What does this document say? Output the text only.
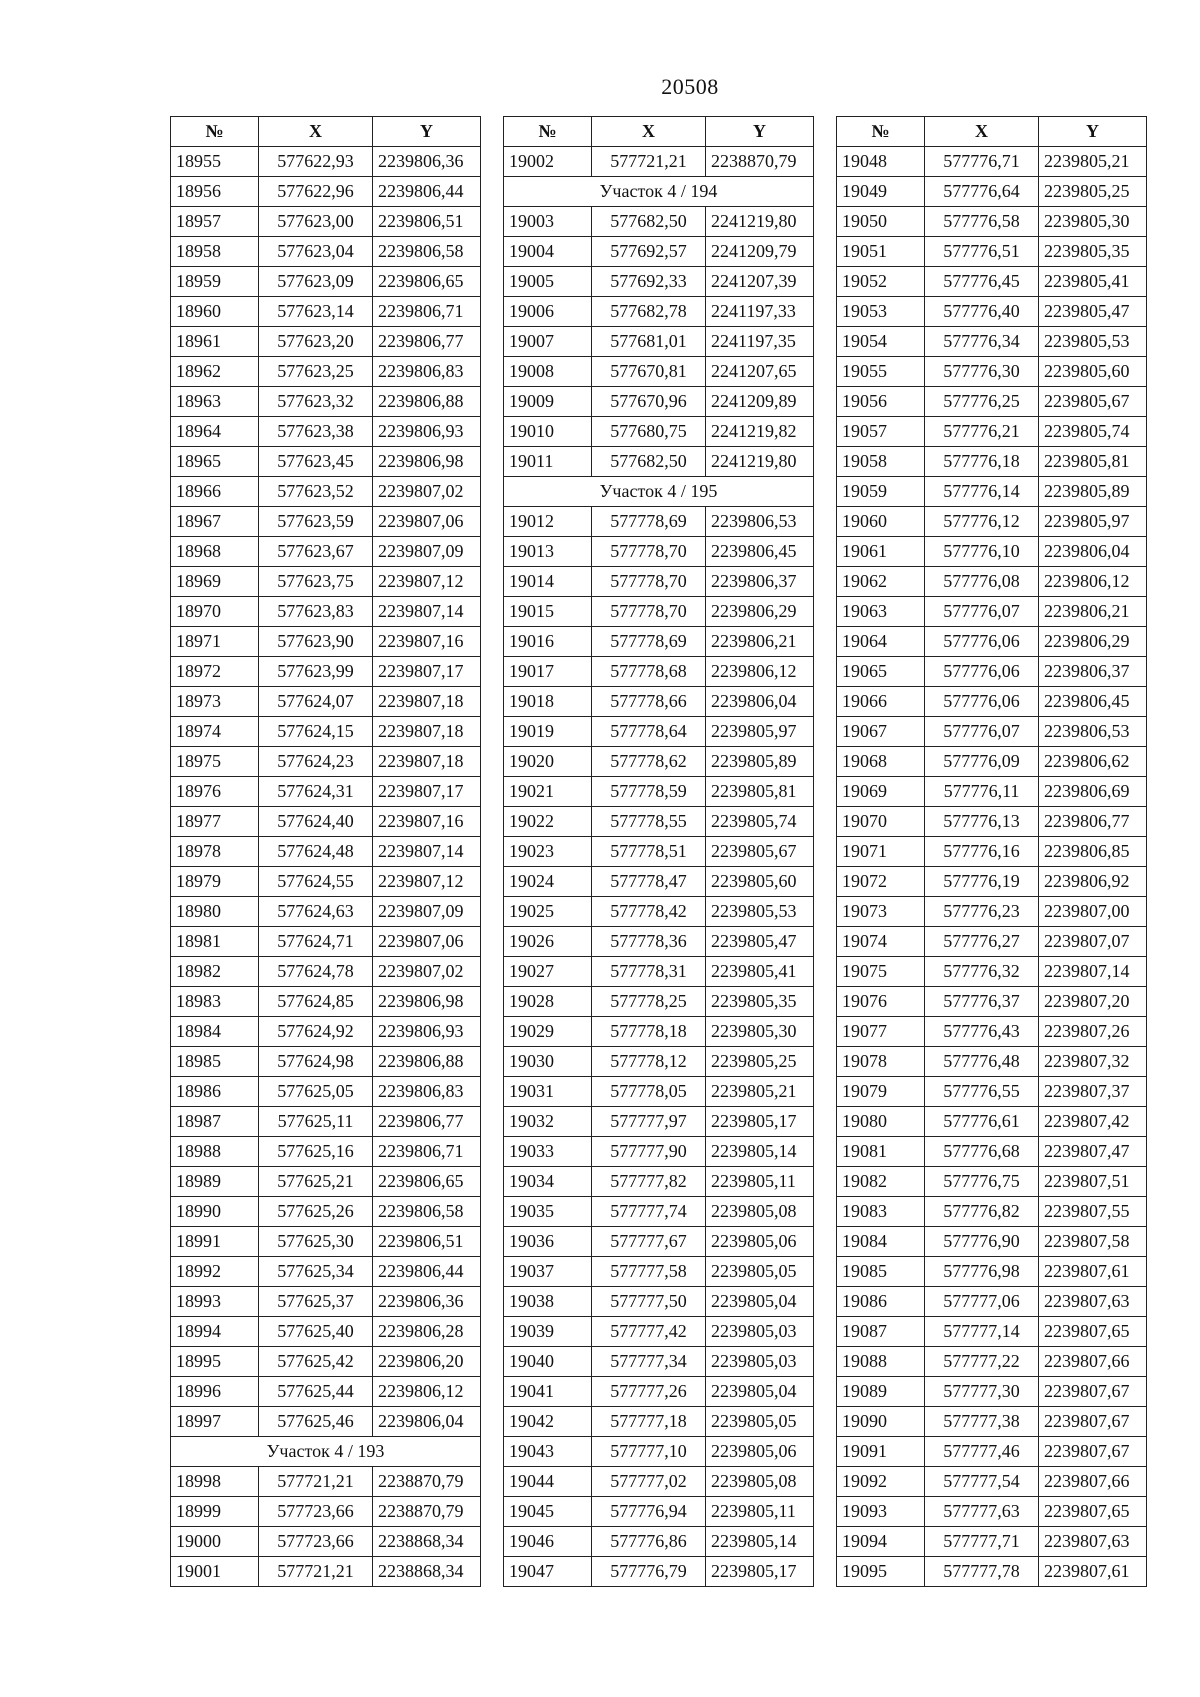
20508
№	X	Y
18955	577622,93	2239806,36
18956	577622,96	2239806,44
18957	577623,00	2239806,51
18958	577623,04	2239806,58
18959	577623,09	2239806,65
18960	577623,14	2239806,71
18961	577623,20	2239806,77
18962	577623,25	2239806,83
18963	577623,32	2239806,88
18964	577623,38	2239806,93
18965	577623,45	2239806,98
18966	577623,52	2239807,02
18967	577623,59	2239807,06
18968	577623,67	2239807,09
18969	577623,75	2239807,12
18970	577623,83	2239807,14
18971	577623,90	2239807,16
18972	577623,99	2239807,17
18973	577624,07	2239807,18
18974	577624,15	2239807,18
18975	577624,23	2239807,18
18976	577624,31	2239807,17
18977	577624,40	2239807,16
18978	577624,48	2239807,14
18979	577624,55	2239807,12
18980	577624,63	2239807,09
18981	577624,71	2239807,06
18982	577624,78	2239807,02
18983	577624,85	2239806,98
18984	577624,92	2239806,93
18985	577624,98	2239806,88
18986	577625,05	2239806,83
18987	577625,11	2239806,77
18988	577625,16	2239806,71
18989	577625,21	2239806,65
18990	577625,26	2239806,58
18991	577625,30	2239806,51
18992	577625,34	2239806,44
18993	577625,37	2239806,36
18994	577625,40	2239806,28
18995	577625,42	2239806,20
18996	577625,44	2239806,12
18997	577625,46	2239806,04
Участок 4 / 193		
18998	577721,21	2238870,79
18999	577723,66	2238870,79
19000	577723,66	2238868,34
19001	577721,21	2238868,34
№	X	Y
19002	577721,21	2238870,79
Участок 4 / 194		
19003	577682,50	2241219,80
19004	577692,57	2241209,79
19005	577692,33	2241207,39
19006	577682,78	2241197,33
19007	577681,01	2241197,35
19008	577670,81	2241207,65
19009	577670,96	2241209,89
19010	577680,75	2241219,82
19011	577682,50	2241219,80
Участок 4 / 195		
19012	577778,69	2239806,53
19013	577778,70	2239806,45
19014	577778,70	2239806,37
19015	577778,70	2239806,29
19016	577778,69	2239806,21
19017	577778,68	2239806,12
19018	577778,66	2239806,04
19019	577778,64	2239805,97
19020	577778,62	2239805,89
19021	577778,59	2239805,81
19022	577778,55	2239805,74
19023	577778,51	2239805,67
19024	577778,47	2239805,60
19025	577778,42	2239805,53
19026	577778,36	2239805,47
19027	577778,31	2239805,41
19028	577778,25	2239805,35
19029	577778,18	2239805,30
19030	577778,12	2239805,25
19031	577778,05	2239805,21
19032	577777,97	2239805,17
19033	577777,90	2239805,14
19034	577777,82	2239805,11
19035	577777,74	2239805,08
19036	577777,67	2239805,06
19037	577777,58	2239805,05
19038	577777,50	2239805,04
19039	577777,42	2239805,03
19040	577777,34	2239805,03
19041	577777,26	2239805,04
19042	577777,18	2239805,05
19043	577777,10	2239805,06
19044	577777,02	2239805,08
19045	577776,94	2239805,11
19046	577776,86	2239805,14
19047	577776,79	2239805,17
№	X	Y
19048	577776,71	2239805,21
19049	577776,64	2239805,25
19050	577776,58	2239805,30
19051	577776,51	2239805,35
19052	577776,45	2239805,41
19053	577776,40	2239805,47
19054	577776,34	2239805,53
19055	577776,30	2239805,60
19056	577776,25	2239805,67
19057	577776,21	2239805,74
19058	577776,18	2239805,81
19059	577776,14	2239805,89
19060	577776,12	2239805,97
19061	577776,10	2239806,04
19062	577776,08	2239806,12
19063	577776,07	2239806,21
19064	577776,06	2239806,29
19065	577776,06	2239806,37
19066	577776,06	2239806,45
19067	577776,07	2239806,53
19068	577776,09	2239806,62
19069	577776,11	2239806,69
19070	577776,13	2239806,77
19071	577776,16	2239806,85
19072	577776,19	2239806,92
19073	577776,23	2239807,00
19074	577776,27	2239807,07
19075	577776,32	2239807,14
19076	577776,37	2239807,20
19077	577776,43	2239807,26
19078	577776,48	2239807,32
19079	577776,55	2239807,37
19080	577776,61	2239807,42
19081	577776,68	2239807,47
19082	577776,75	2239807,51
19083	577776,82	2239807,55
19084	577776,90	2239807,58
19085	577776,98	2239807,61
19086	577777,06	2239807,63
19087	577777,14	2239807,65
19088	577777,22	2239807,66
19089	577777,30	2239807,67
19090	577777,38	2239807,67
19091	577777,46	2239807,67
19092	577777,54	2239807,66
19093	577777,63	2239807,65
19094	577777,71	2239807,63
19095	577777,78	2239807,61
